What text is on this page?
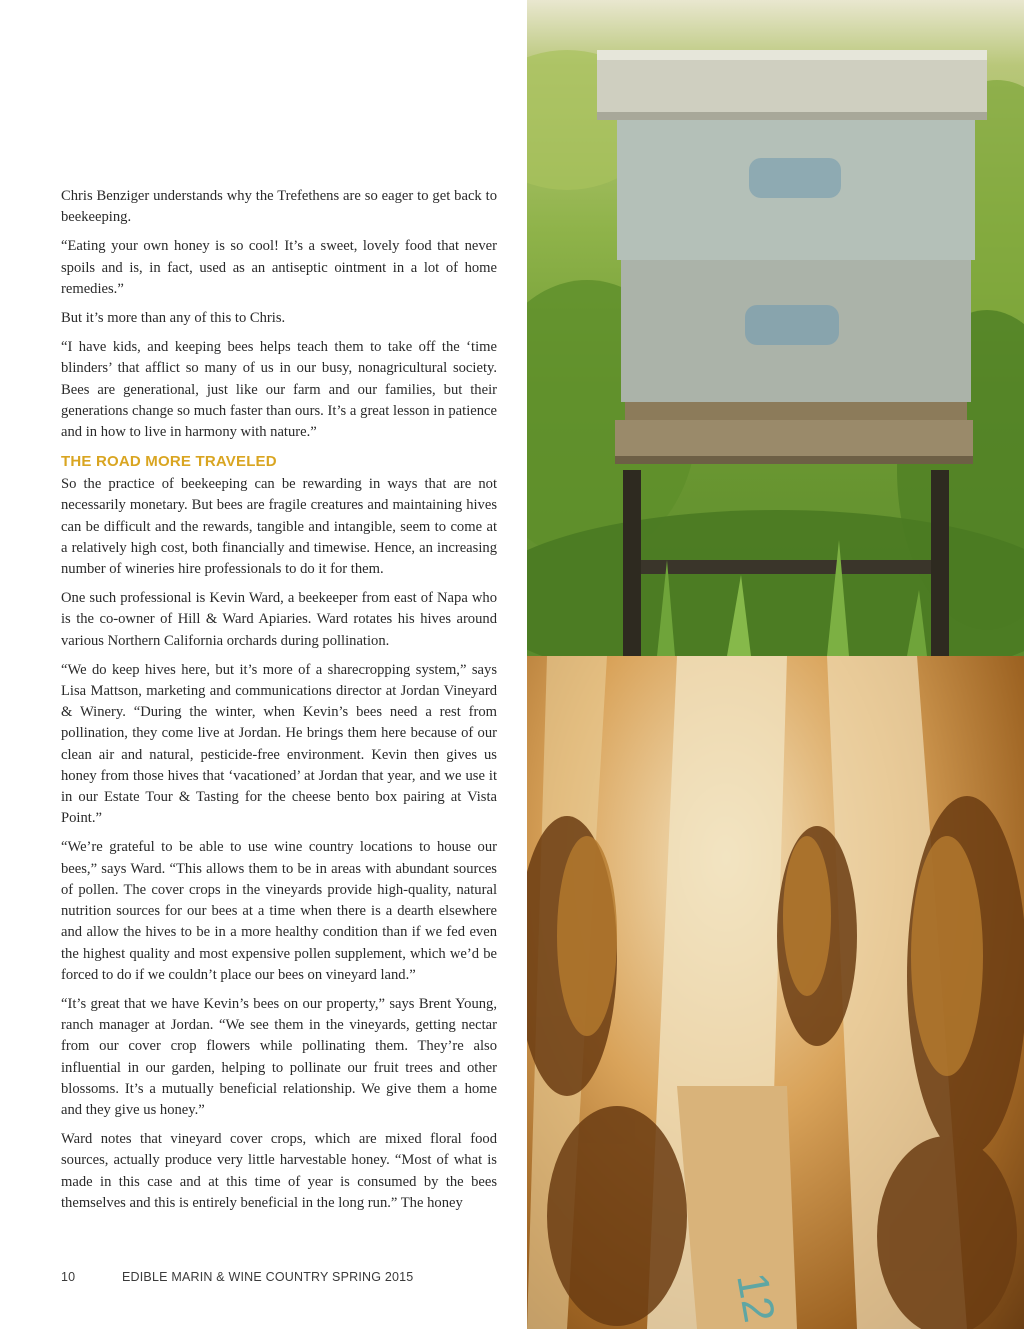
Chris Benziger understands why the Trefethens are so eager to get back to beekeeping.

“Eating your own honey is so cool! It’s a sweet, lovely food that never spoils and is, in fact, used as an antiseptic ointment in a lot of home remedies.”

But it’s more than any of this to Chris.

“I have kids, and keeping bees helps teach them to take off the ‘time blinders’ that afflict so many of us in our busy, nonagricultural society. Bees are generational, just like our farm and our families, but their generations change so much faster than ours. It’s a great lesson in patience and in how to live in harmony with nature.”

THE ROAD MORE TRAVELED

So the practice of beekeeping can be rewarding in ways that are not necessarily monetary. But bees are fragile creatures and maintaining hives can be difficult and the rewards, tangible and intangible, seem to come at a relatively high cost, both financially and timewise. Hence, an increasing number of wineries hire professionals to do it for them.

One such professional is Kevin Ward, a beekeeper from east of Napa who is the co-owner of Hill & Ward Apiaries. Ward rotates his hives around various Northern California orchards during pollination.

“We do keep hives here, but it’s more of a sharecropping system,” says Lisa Mattson, marketing and communications director at Jordan Vineyard & Winery. “During the winter, when Kevin’s bees need a rest from pollination, they come live at Jordan. He brings them here because of our clean air and natural, pesticide-free environment. Kevin then gives us honey from those hives that ‘vacationed’ at Jordan that year, and we use it in our Estate Tour & Tasting for the cheese bento box pairing at Vista Point.”

“We’re grateful to be able to use wine country locations to house our bees,” says Ward. “This allows them to be in areas with abundant sources of pollen. The cover crops in the vineyards provide high-quality, natural nutrition sources for our bees at a time when there is a dearth elsewhere and allow the hives to be in a more healthy condition than if we fed even the highest quality and most expensive pollen supplement, which we’d be forced to do if we couldn’t place our bees on vineyard land.”

“It’s great that we have Kevin’s bees on our property,” says Brent Young, ranch manager at Jordan. “We see them in the vineyards, getting nectar from our cover crop flowers while pollinating them. They’re also influential in our garden, helping to pollinate our fruit trees and other blossoms. It’s a mutually beneficial relationship. We give them a home and they give us honey.”

Ward notes that vineyard cover crops, which are mixed floral food sources, actually produce very little harvestable honey. “Most of what is made in this case and at this time of year is consumed by the bees themselves and this is entirely beneficial in the long run.” The honey

10	EDIBLE MARIN & WINE COUNTRY SPRING 2015	12
